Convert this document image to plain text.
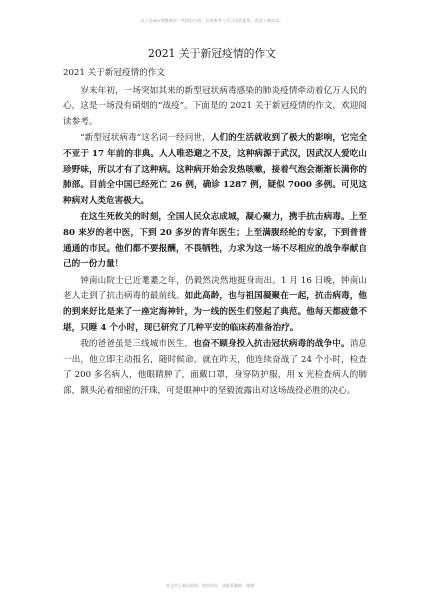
以下是world整理的一些精彩内容，仅供参考与学习交流使用，欢迎下载阅读。
2021 关于新冠疫情的作文

2021 关于新冠疫情的作文

岁末年初，一场突如其来的新型冠状病毒感染的肺炎疫情牵动着亿万人民的心，这是一场没有硝烟的“战疫”。下面是的 2021 关于新冠疫情的作文，欢迎阅读参考。

“新型冠状病毒”这名词一经问世，人们的生活就收到了极大的影响，它完全不亚于 17 年前的非典。人人唯恐避之不及，这种病源于武汉，因武汉人爱吃山珍野味，所以才有了这种病。这种病开始会发热咳嗽，接着气泡会渐渐长满你的肺部。目前全中国已经死亡 26 例，确诊 1287 例，疑似 7000 多例。可见这种病对人类危害极大。

在这生死攸关的时刻，全国人民众志成城，凝心聚力，携手抗击病毒。上至 80 来岁的老中医，下到 20 多岁的青年医生；上至满腹经纶的专家，下到普普通通的市民。他们都不要报酬，不畏牺牲，力求为这一场不尽相应的战争奉献自己的一份力量！

钟南山院士已近耄耋之年，仍毅然决然地挺身而出。1 月 16 日晚，钟南山老人走到了抗击病毒的最前线。如此高龄，也与祖国凝聚在一起，抗击病毒，他的到来好比是来了一座定海神针，为一线的医生们竖起了典范。他每天都疲惫不堪，只睡 4 个小时，现已研究了几种平安的临床药准备治疗。

我的爸爸虽是三线城市医生，也奋不顾身投入抗击冠状病毒的战争中。消息一出，他立即主动报名，随时候命。就在昨天，他连续奋战了 24 个小时，检查了 200 多名病人，他眼睛肿了，面戴口罩，身穿防护服，用 x 光检查病人的肺部，额头沁着细密的汗珠，可是眼神中的坚毅流露出对这场战役必胜的决心。

本文档下载自网络，如有侵权，请联系删除，谢谢！
